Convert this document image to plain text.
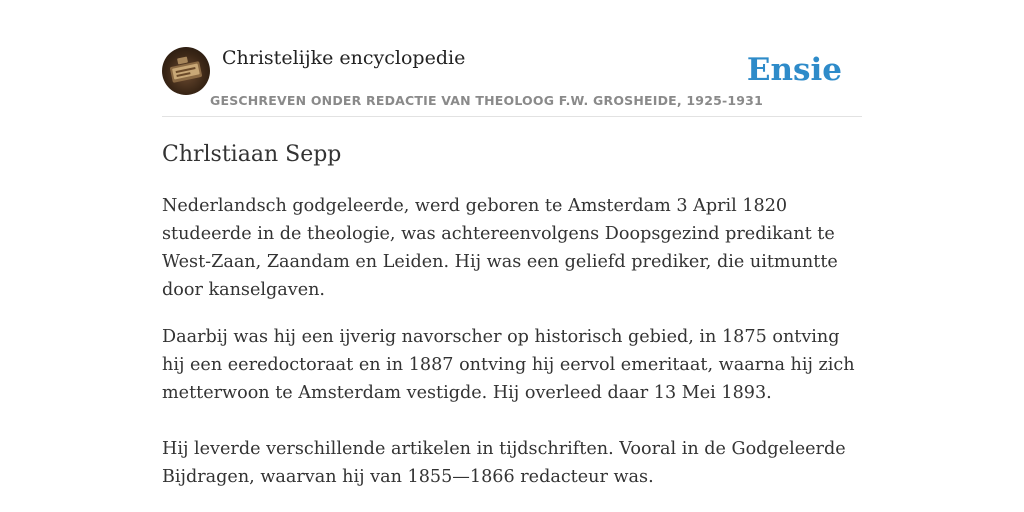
Christelijke encyclopedie
GESCHREVEN ONDER REDACTIE VAN THEOLOOG F.W. GROSHEIDE, 1925-1931
Ensie
Chrlstiaan Sepp

Nederlandsch godgeleerde, werd geboren te Amsterdam 3 April 1820 studeerde in de theologie, was achtereenvolgens Doopsgezind predikant te West-Zaan, Zaandam en Leiden. Hij was een geliefd prediker, die uitmuntte door kanselgaven.

Daarbij was hij een ijverig navorscher op historisch gebied, in 1875 ontving hij een eeredoctoraat en in 1887 ontving hij eervol emeritaat, waarna hij zich metterwoon te Amsterdam vestigde. Hij overleed daar 13 Mei 1893.

Hij leverde verschillende artikelen in tijdschriften. Vooral in de Godgeleerde Bijdragen, waarvan hij van 1855—1866 redacteur was.
